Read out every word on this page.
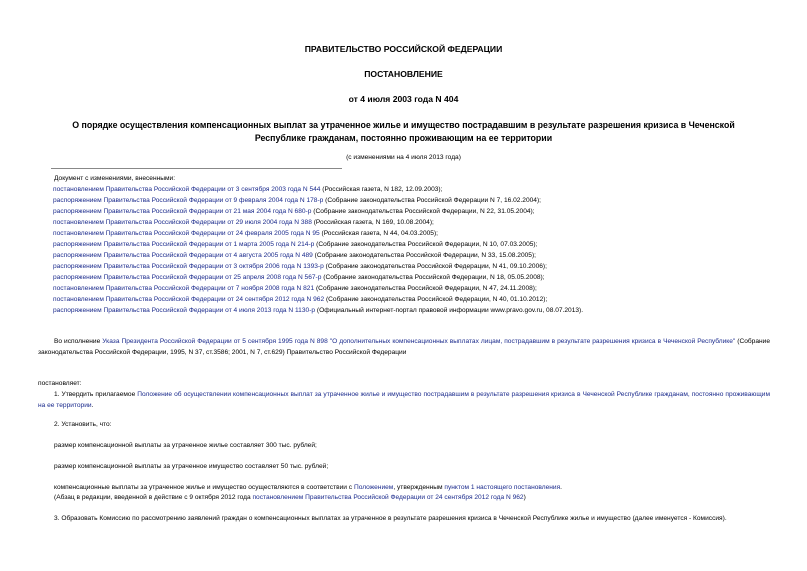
ПРАВИТЕЛЬСТВО РОССИЙСКОЙ ФЕДЕРАЦИИ
ПОСТАНОВЛЕНИЕ
от 4 июля 2003 года N 404
О порядке осуществления компенсационных выплат за утраченное жилье и имущество пострадавшим в результате разрешения кризиса в Чеченской Республике гражданам, постоянно проживающим на ее территории
(с изменениями на 4 июля 2013 года)
Документ с изменениями, внесенными:
постановлением Правительства Российской Федерации от 3 сентября 2003 года N 544 (Российская газета, N 182, 12.09.2003);
распоряжением Правительства Российской Федерации от 9 февраля 2004 года N 178-р (Собрание законодательства Российской Федерации N 7, 16.02.2004);
распоряжением Правительства Российской Федерации от 21 мая 2004 года N 680-р (Собрание законодательства Российской Федерации, N 22, 31.05.2004);
постановлением Правительства Российской Федерации от 29 июля 2004 года N 388 (Российская газета, N 169, 10.08.2004);
постановлением Правительства Российской Федерации от 24 февраля 2005 года N 95 (Российская газета, N 44, 04.03.2005);
распоряжением Правительства Российской Федерации от 1 марта 2005 года N 214-р (Собрание законодательства Российской Федерации, N 10, 07.03.2005);
распоряжением Правительства Российской Федерации от 4 августа 2005 года N 489 (Собрание законодательства Российской Федерации, N 33, 15.08.2005);
распоряжением Правительства Российской Федерации от 3 октября 2006 года N 1393-р (Собрание законодательства Российской Федерации, N 41, 09.10.2006);
распоряжением Правительства Российской Федерации от 25 апреля 2008 года N 567-р (Собрание законодательства Российской Федерации, N 18, 05.05.2008);
постановлением Правительства Российской Федерации от 7 ноября 2008 года N 821 (Собрание законодательства Российской Федерации, N 47, 24.11.2008);
постановлением Правительства Российской Федерации от 24 сентября 2012 года N 962 (Собрание законодательства Российской Федерации, N 40, 01.10.2012);
распоряжением Правительства Российской Федерации от 4 июля 2013 года N 1130-р (Официальный интернет-портал правовой информации www.pravo.gov.ru, 08.07.2013).
Во исполнение Указа Президента Российской Федерации от 5 сентября 1995 года N 898 "О дополнительных компенсационных выплатах лицам, пострадавшим в результате разрешения кризиса в Чеченской Республике" (Собрание законодательства Российской Федерации, 1995, N 37, ст.3586; 2001, N 7, ст.629) Правительство Российской Федерации
постановляет:
1. Утвердить прилагаемое Положение об осуществлении компенсационных выплат за утраченное жилье и имущество пострадавшим в результате разрешения кризиса в Чеченской Республике гражданам, постоянно проживающим на ее территории.
2. Установить, что:
размер компенсационной выплаты за утраченное жилье составляет 300 тыс. рублей;
размер компенсационной выплаты за утраченное имущество составляет 50 тыс. рублей;
компенсационные выплаты за утраченное жилье и имущество осуществляются в соответствии с Положением, утвержденным пунктом 1 настоящего постановления.
(Абзац в редакции, введенной в действие с 9 октября 2012 года постановлением Правительства Российской Федерации от 24 сентября 2012 года N 962)
3. Образовать Комиссию по рассмотрению заявлений граждан о компенсационных выплатах за утраченное в результате разрешения кризиса в Чеченской Республике жилье и имущество (далее именуется - Комиссия).
